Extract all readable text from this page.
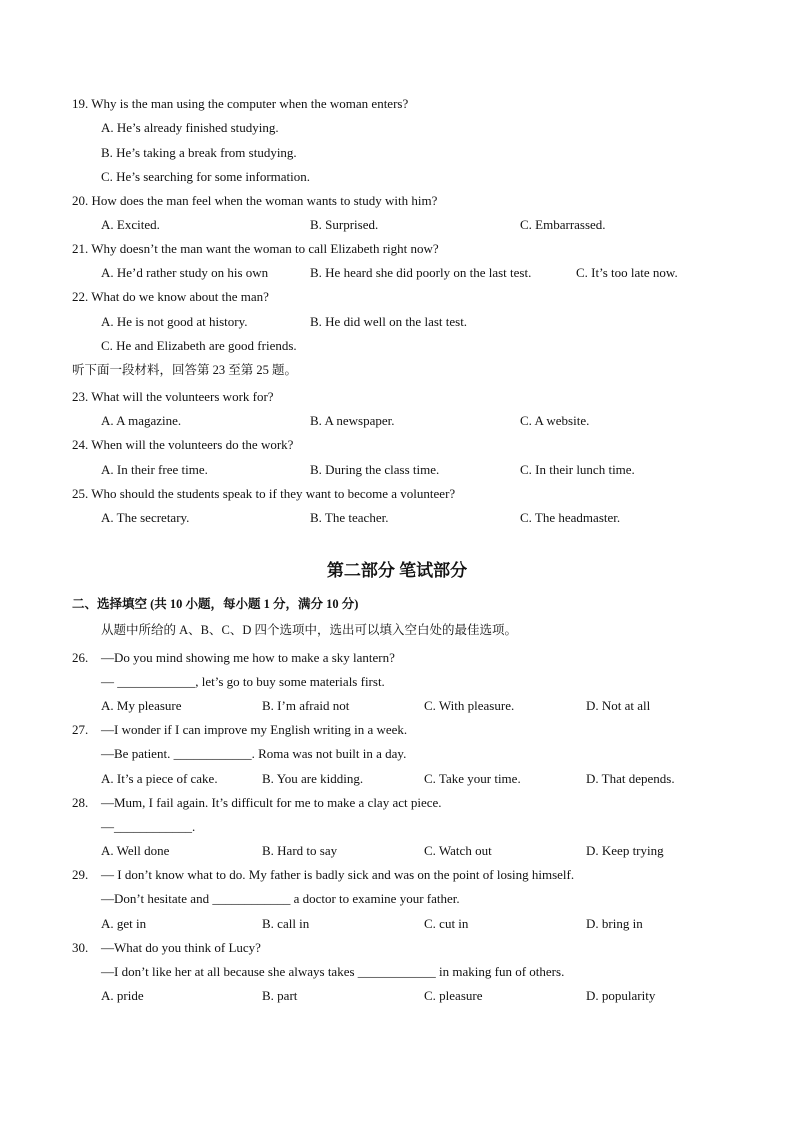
19. Why is the man using the computer when the woman enters?
A. He’s already finished studying.
B. He’s taking a break from studying.
C. He’s searching for some information.
20. How does the man feel when the woman wants to study with him?
A. Excited.	B. Surprised.	C. Embarrassed.
21. Why doesn’t the man want the woman to call Elizabeth right now?
A. He’d rather study on his own	B. He heard she did poorly on the last test.	C. It’s too late now.
22. What do we know about the man?
A. He is not good at history.	B. He did well on the last test.
C. He and Elizabeth are good friends.
听下面一段材料，回答第 23 至第 25 题。
23. What will the volunteers work for?
A. A magazine.	B. A newspaper.	C. A website.
24. When will the volunteers do the work?
A. In their free time.	B. During the class time.	C. In their lunch time.
25. Who should the students speak to if they want to become a volunteer?
A. The secretary.	B. The teacher.	C. The headmaster.
第二部分 笔试部分
二、选择填空 (共 10 小题，每小题 1 分，满分 10 分)
从题中所给的 A、B、C、D 四个选项中，选出可以填入空白处的最佳选项。
26. —Do you mind showing me how to make a sky lantern?
— ____________, let’s go to buy some materials first.
A. My pleasure	B. I’m afraid not	C. With pleasure.	D. Not at all
27. —I wonder if I can improve my English writing in a week.
—Be patient. ____________. Roma was not built in a day.
A. It’s a piece of cake.	B. You are kidding.	C. Take your time.	D. That depends.
28. —Mum, I fail again. It’s difficult for me to make a clay act piece.
—____________.
A. Well done	B. Hard to say	C. Watch out	D. Keep trying
29. — I don’t know what to do. My father is badly sick and was on the point of losing himself.
—Don’t hesitate and ____________ a doctor to examine your father.
A. get in	B. call in	C. cut in	D. bring in
30. —What do you think of Lucy?
—I don’t like her at all because she always takes ____________ in making fun of others.
A. pride	B. part	C. pleasure	D. popularity
